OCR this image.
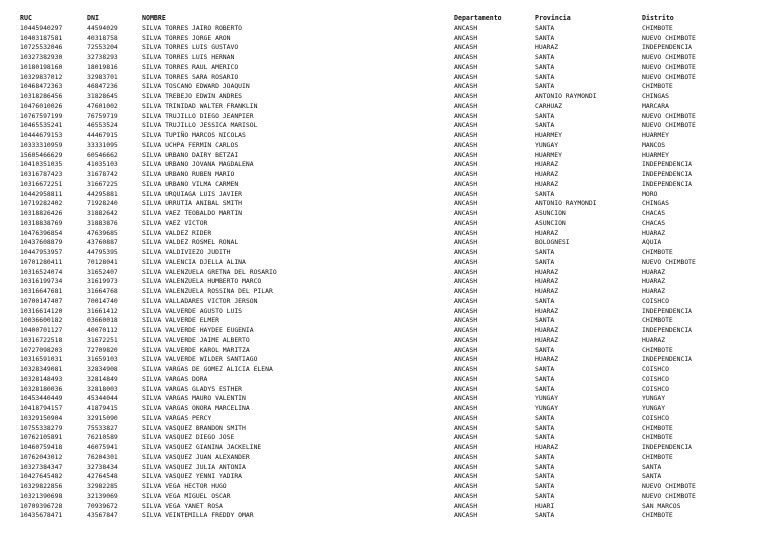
RUC	DNI	NOMBRE	Departamento	Provincia	Distrito
10445940297	44594029	SILVA TORRES JAIRO ROBERTO	ANCASH	SANTA	CHIMBOTE
10403187581	40318758	SILVA TORRES JORGE ARON	ANCASH	SANTA	NUEVO CHIMBOTE
10725532046	72553204	SILVA TORRES LUIS GUSTAVO	ANCASH	HUARAZ	INDEPENDENCIA
10327382930	32738293	SILVA TORRES LUIS HERNAN	ANCASH	SANTA	NUEVO CHIMBOTE
10180198160	18019816	SILVA TORRES RAUL AMERICO	ANCASH	SANTA	NUEVO CHIMBOTE
10329837012	32983701	SILVA TORRES SARA ROSARIO	ANCASH	SANTA	NUEVO CHIMBOTE
10468472363	46847236	SILVA TOSCANO EDWARD JOAQUIN	ANCASH	SANTA	CHIMBOTE
10318286456	31828645	SILVA TREBEJO EDWIN ANDRES	ANCASH	ANTONIO RAYMONDI	CHINGAS
10476010026	47601002	SILVA TRINIDAD WALTER FRANKLIN	ANCASH	CARHUAZ	MARCARA
10767597199	76759719	SILVA TRUJILLO DIEGO JEANPIER	ANCASH	SANTA	NUEVO CHIMBOTE
10465535241	46553524	SILVA TRUJILLO JESSICA MARISOL	ANCASH	SANTA	NUEVO CHIMBOTE
10444679153	44467915	SILVA TUPIÑO MARCOS NICOLAS	ANCASH	HUARMEY	HUARMEY
10333310959	33331095	SILVA UCHPA FERMIN CARLOS	ANCASH	YUNGAY	MANCOS
15605466629	60546662	SILVA URBANO DAIRY BETZAI	ANCASH	HUARMEY	HUARMEY
10410351035	41035103	SILVA URBANO JOVANA MAGDALENA	ANCASH	HUARAZ	INDEPENDENCIA
10316787423	31678742	SILVA URBANO RUBEN MARIO	ANCASH	HUARAZ	INDEPENDENCIA
10316672251	31667225	SILVA URBANO VILMA CARMEN	ANCASH	HUARAZ	INDEPENDENCIA
10442958811	44295881	SILVA URQUIAGA LUIS JAVIER	ANCASH	SANTA	MORO
10719282402	71928240	SILVA URRUTIA ANIBAL SMITH	ANCASH	ANTONIO RAYMONDI	CHINGAS
10318826426	31882642	SILVA VAEZ TEOBALDO MARTIN	ANCASH	ASUNCION	CHACAS
10318838769	31883876	SILVA VAEZ VICTOR	ANCASH	ASUNCION	CHACAS
10476396854	47639685	SILVA VALDEZ RIDER	ANCASH	HUARAZ	HUARAZ
10437608879	43760887	SILVA VALDEZ ROSMEL RONAL	ANCASH	BOLOGNESI	AQUIA
10447953957	44795395	SILVA VALDIVIEZO JUDITH	ANCASH	SANTA	CHIMBOTE
10701280411	70128041	SILVA VALENCIA DJELLA ALINA	ANCASH	SANTA	NUEVO CHIMBOTE
10316524074	31652407	SILVA VALENZUELA GRETNA DEL ROSARIO	ANCASH	HUARAZ	HUARAZ
10316199734	31619973	SILVA VALENZUELA HUMBERTO MARCO	ANCASH	HUARAZ	HUARAZ
10316647681	31664768	SILVA VALENZUELA ROSSINA DEL PILAR	ANCASH	HUARAZ	HUARAZ
10700147407	70014740	SILVA VALLADARES VICTOR JERSON	ANCASH	SANTA	COISHCO
10316614120	31661412	SILVA VALVERDE AGUSTO LUIS	ANCASH	HUARAZ	INDEPENDENCIA
10036600182	03660018	SILVA VALVERDE ELMER	ANCASH	SANTA	CHIMBOTE
10400701127	40070112	SILVA VALVERDE HAYDEE EUGENIA	ANCASH	HUARAZ	INDEPENDENCIA
10316722518	31672251	SILVA VALVERDE JAIME ALBERTO	ANCASH	HUARAZ	HUARAZ
10727098203	72709820	SILVA VALVERDE KAROL MARITZA	ANCASH	SANTA	CHIMBOTE
10316591031	31659103	SILVA VALVERDE WILDER SANTIAGO	ANCASH	HUARAZ	INDEPENDENCIA
10328349081	32834908	SILVA VARGAS DE GOMEZ ALICIA ELENA	ANCASH	SANTA	COISHCO
10328148493	32814849	SILVA VARGAS DORA	ANCASH	SANTA	COISHCO
10328180036	32818003	SILVA VARGAS GLADYS ESTHER	ANCASH	SANTA	COISHCO
10453440449	45344044	SILVA VARGAS MAURO VALENTIN	ANCASH	YUNGAY	YUNGAY
10418794157	41879415	SILVA VARGAS ONORA MARCELINA	ANCASH	YUNGAY	YUNGAY
10329150904	32915090	SILVA VARGAS PERCY	ANCASH	SANTA	COISHCO
10755338279	75533827	SILVA VASQUEZ BRANDON SMITH	ANCASH	SANTA	CHIMBOTE
10762105891	76210589	SILVA VASQUEZ DIEGO JOSE	ANCASH	SANTA	CHIMBOTE
10460759418	46075941	SILVA VASQUEZ GIANINA JACKELINE	ANCASH	HUARAZ	INDEPENDENCIA
10762043012	76204301	SILVA VASQUEZ JUAN ALEXANDER	ANCASH	SANTA	CHIMBOTE
10327384347	32738434	SILVA VASQUEZ JULIA ANTONIA	ANCASH	SANTA	SANTA
10427645482	42764548	SILVA VASQUEZ YENNI YADIRA	ANCASH	SANTA	SANTA
10329822856	32982285	SILVA VEGA HECTOR HUGO	ANCASH	SANTA	NUEVO CHIMBOTE
10321390698	32139069	SILVA VEGA MIGUEL OSCAR	ANCASH	SANTA	NUEVO CHIMBOTE
10709396728	70939672	SILVA VEGA YANET ROSA	ANCASH	HUARI	SAN MARCOS
10435678471	43567847	SILVA VEINTEMILLA FREDDY OMAR	ANCASH	SANTA	CHIMBOTE
